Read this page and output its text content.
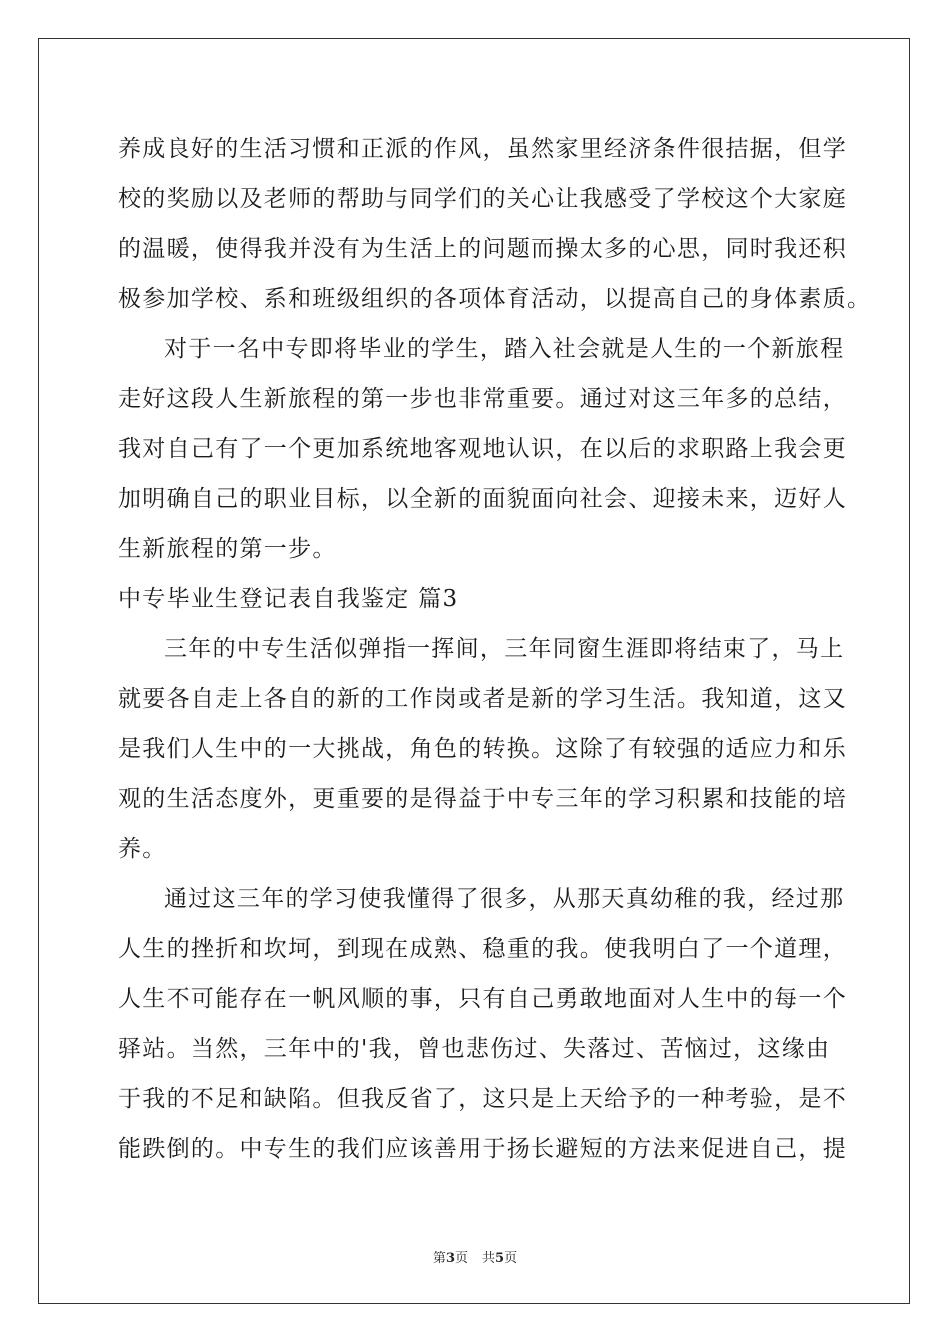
养成良好的生活习惯和正派的作风，虽然家里经济条件很拮据，但学
校的奖励以及老师的帮助与同学们的关心让我感受了学校这个大家庭
的温暖，使得我并没有为生活上的问题而操太多的心思，同时我还积
极参加学校、系和班级组织的各项体育活动，以提高自己的身体素质。
对于一名中专即将毕业的学生，踏入社会就是人生的一个新旅程
走好这段人生新旅程的第一步也非常重要。通过对这三年多的总结，
我对自己有了一个更加系统地客观地认识，在以后的求职路上我会更
加明确自己的职业目标，以全新的面貌面向社会、迎接未来，迈好人
生新旅程的第一步。
中专毕业生登记表自我鉴定 篇3
三年的中专生活似弹指一挥间，三年同窗生涯即将结束了，马上
就要各自走上各自的新的工作岗或者是新的学习生活。我知道，这又
是我们人生中的一大挑战，角色的转换。这除了有较强的适应力和乐
观的生活态度外，更重要的是得益于中专三年的学习积累和技能的培
养。
通过这三年的学习使我懂得了很多，从那天真幼稚的我，经过那
人生的挫折和坎坷，到现在成熟、稳重的我。使我明白了一个道理，
人生不可能存在一帆风顺的事，只有自己勇敢地面对人生中的每一个
驿站。当然，三年中的'我，曾也悲伤过、失落过、苦恼过，这缘由
于我的不足和缺陷。但我反省了，这只是上天给予的一种考验，是不
能跌倒的。中专生的我们应该善用于扬长避短的方法来促进自己，提
第3页 共5页
